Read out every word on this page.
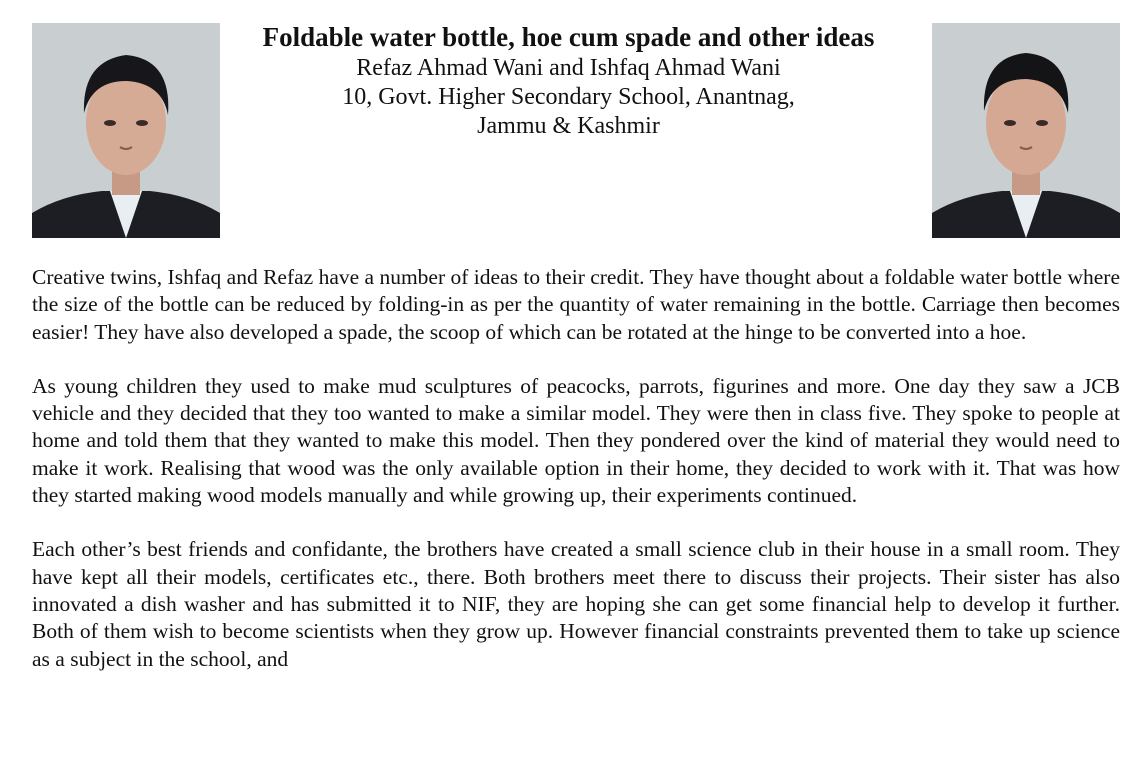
Foldable water bottle, hoe cum spade and other ideas

Refaz Ahmad Wani and Ishfaq Ahmad Wani

10, Govt. Higher Secondary School, Anantnag,

Jammu & Kashmir

Creative twins, Ishfaq and Refaz have a number of ideas to their credit. They have thought about a foldable water bottle where the size of the bottle can be reduced by folding-in as per the quantity of water remaining in the bottle. Carriage then becomes easier! They have also developed a spade, the scoop of which can be rotated at the hinge to be converted into a hoe.

As young children they used to make mud sculptures of peacocks, parrots, figurines and more. One day they saw a JCB vehicle and they decided that they too wanted to make a similar model. They were then in class five. They spoke to people at home and told them that they wanted to make this model. Then they pondered over the kind of material they would need to make it work. Realising that wood was the only available option in their home, they decided to work with it. That was how they started making wood models manually and while growing up, their experiments continued.

Each other’s best friends and confidante, the brothers have created a small science club in their house in a small room. They have kept all their models, certificates etc., there. Both brothers meet there to discuss their projects. Their sister has also innovated a dish washer and has submitted it to NIF, they are hoping she can get some financial help to develop it further. Both of them wish to become scientists when they grow up. However financial constraints prevented them to take up science as a subject in the school, and
